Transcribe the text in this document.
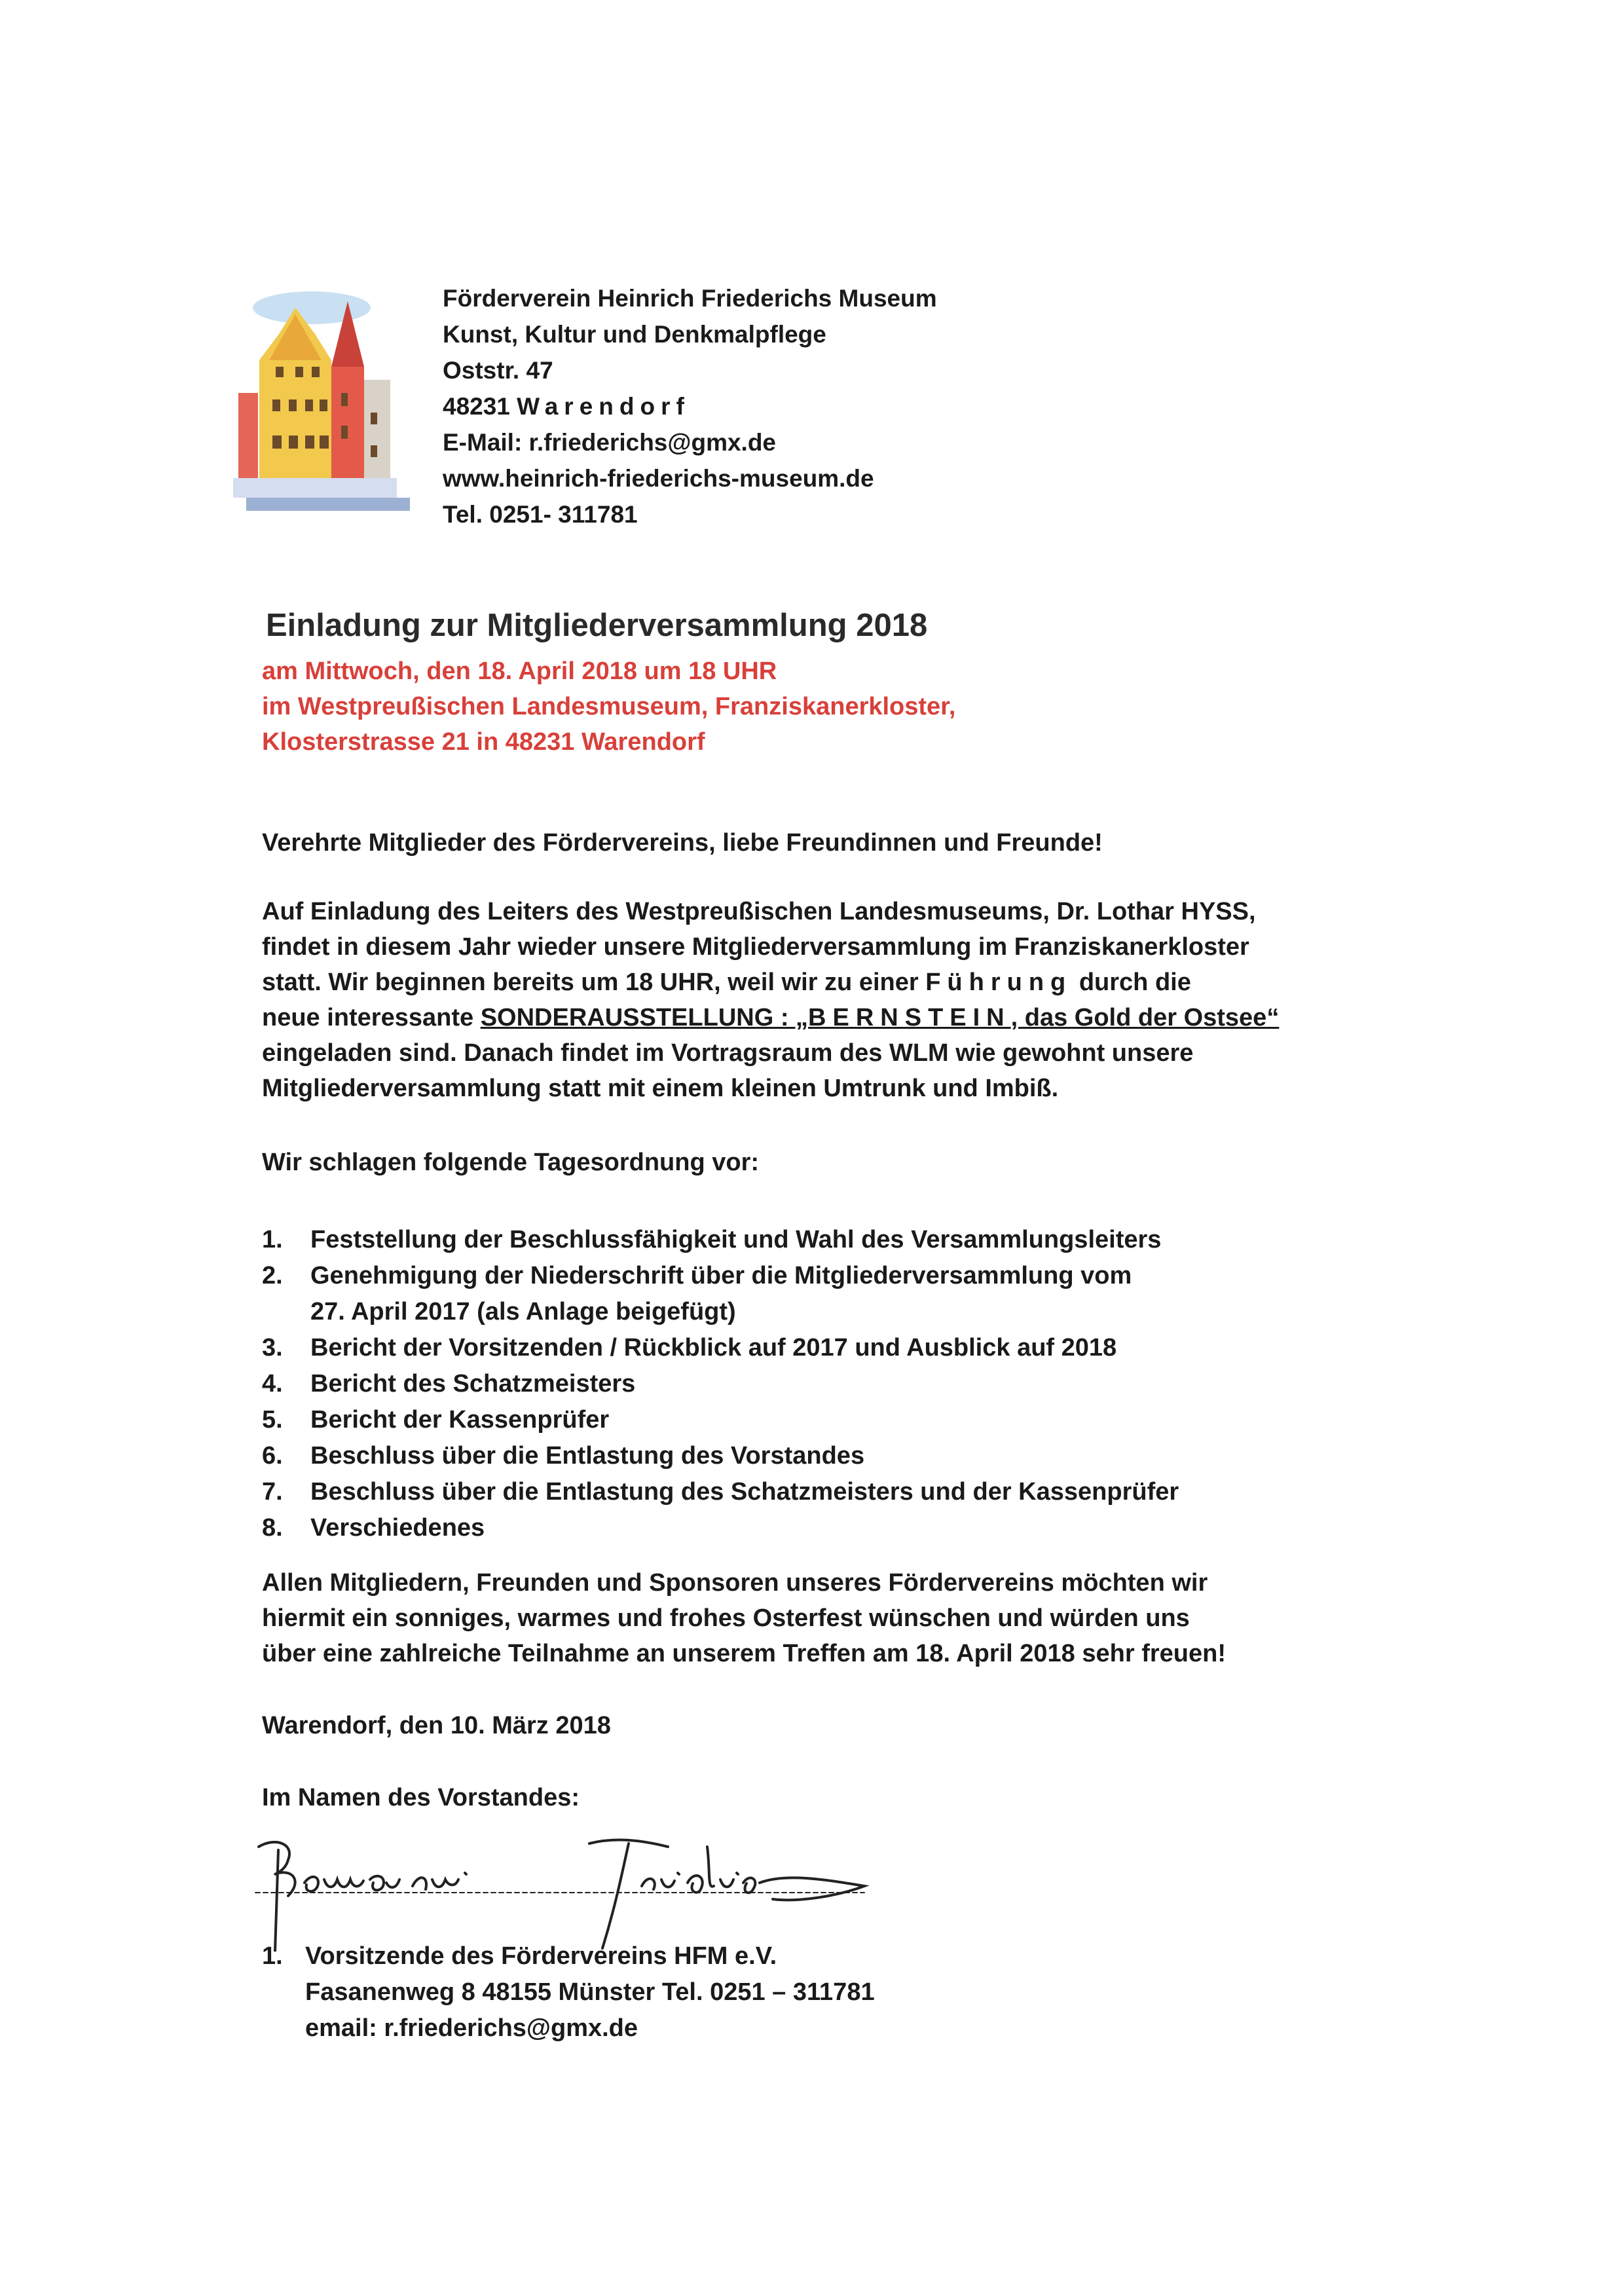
Förderverein Heinrich Friederichs Museum
Kunst, Kultur und Denkmalpflege
Oststr. 47
48231 Warendorf
E-Mail: r.friederichs@gmx.de
www.heinrich-friederichs-museum.de
Tel. 0251- 311781
Einladung zur Mitgliederversammlung 2018
am Mittwoch, den 18. April 2018 um 18 UHR
im Westpreußischen Landesmuseum, Franziskanerkloster,
Klosterstrasse 21 in 48231 Warendorf
Verehrte Mitglieder des Fördervereins, liebe Freundinnen und Freunde!
Auf Einladung des Leiters des Westpreußischen Landesmuseums, Dr. Lothar HYSS,
findet in diesem Jahr wieder unsere Mitgliederversammlung im Franziskanerkloster
statt. Wir beginnen bereits um 18 UHR, weil wir zu einer Führung durch die
neue interessante SONDERAUSSTELLUNG : „BERNSTEIN, das Gold der Ostsee“
eingeladen sind. Danach findet im Vortragsraum des WLM wie gewohnt unsere
Mitgliederversammlung statt mit einem kleinen Umtrunk und Imbiß.
Wir schlagen folgende Tagesordnung vor:
1.	Feststellung der Beschlussfähigkeit und Wahl des Versammlungsleiters
2.	Genehmigung der Niederschrift über die Mitgliederversammlung vom
27. April 2017 (als Anlage beigefügt)
3.	Bericht der Vorsitzenden / Rückblick auf 2017 und Ausblick auf 2018
4.	Bericht des Schatzmeisters
5.	Bericht der Kassenprüfer
6.	Beschluss über die Entlastung des Vorstandes
7.	Beschluss über die Entlastung des Schatzmeisters und der Kassenprüfer
8.	Verschiedenes
Allen Mitgliedern, Freunden und Sponsoren unseres Fördervereins möchten wir
hiermit ein sonniges, warmes und frohes Osterfest wünschen und würden uns
über eine zahlreiche Teilnahme an unserem Treffen am 18. April 2018 sehr freuen!
Warendorf, den 10. März 2018
Im Namen des Vorstandes:
1. Vorsitzende des Fördervereins HFM e.V.
Fasanenweg 8 48155 Münster Tel. 0251 – 311781
email: r.friederichs@gmx.de
